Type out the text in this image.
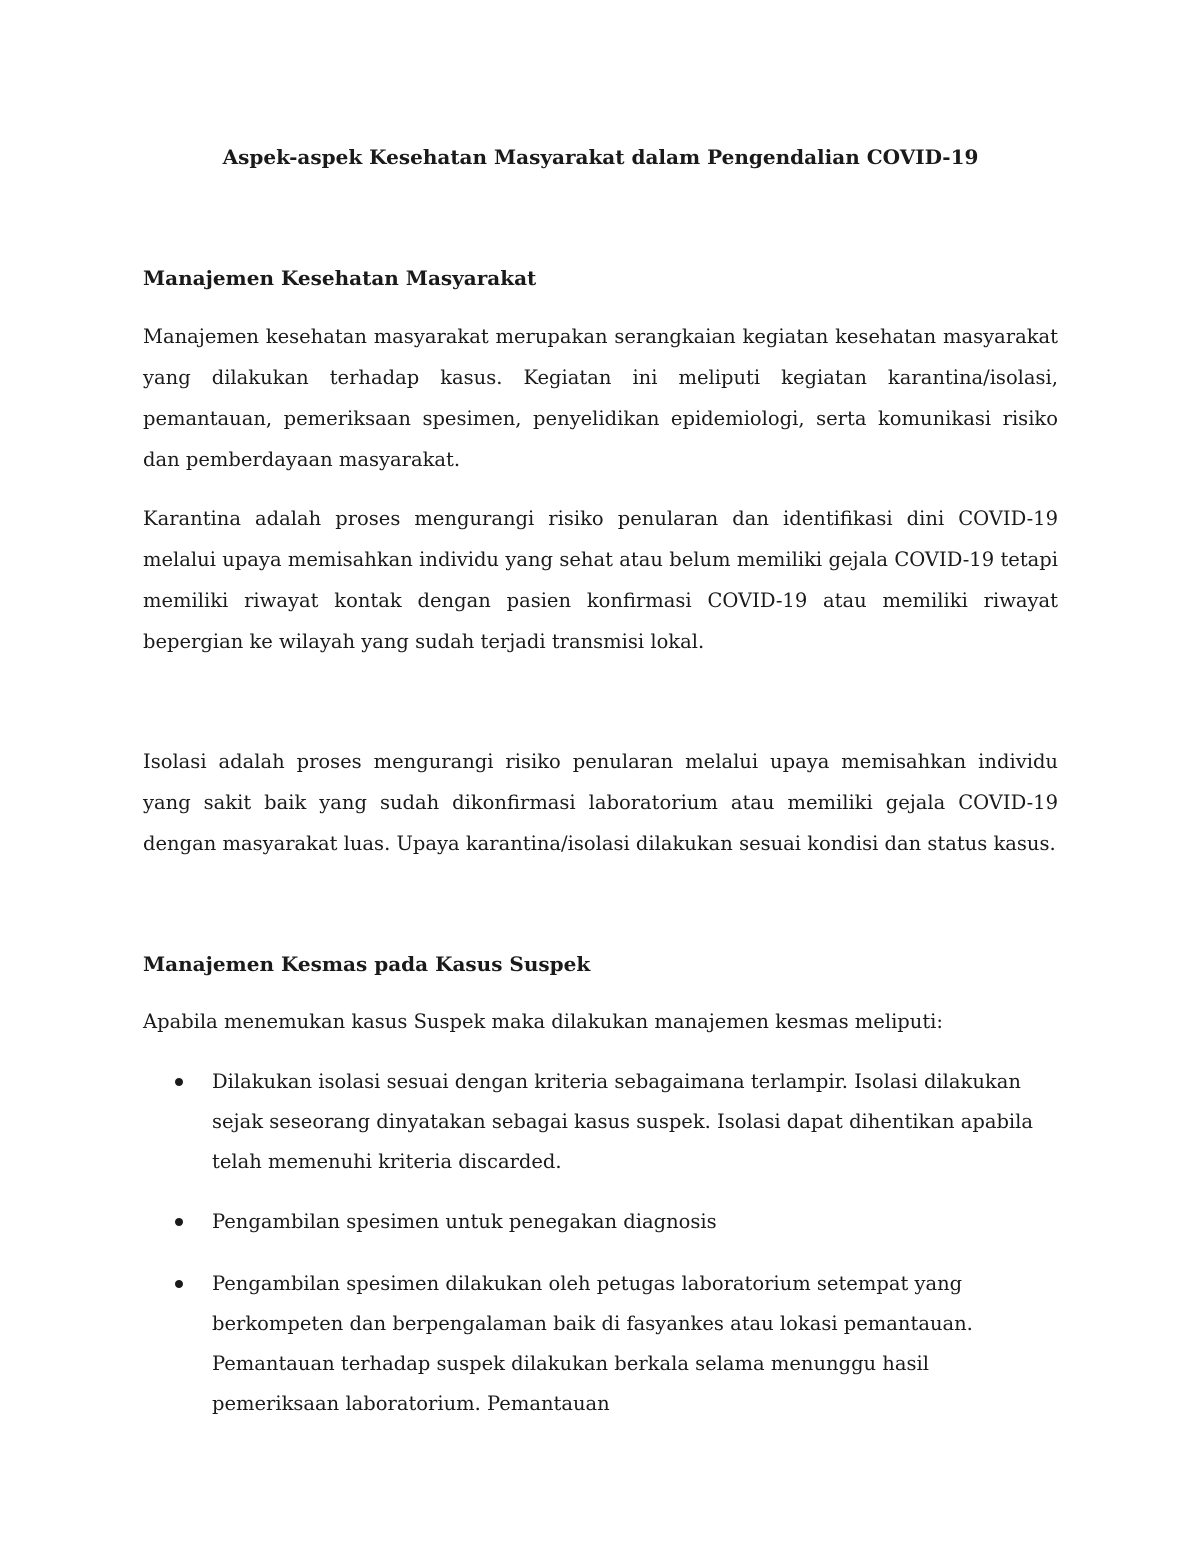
Aspek-aspek Kesehatan Masyarakat dalam Pengendalian COVID-19
Manajemen Kesehatan Masyarakat

Manajemen kesehatan masyarakat merupakan serangkaian kegiatan kesehatan masyarakat yang dilakukan terhadap kasus. Kegiatan ini meliputi kegiatan karantina/isolasi, pemantauan, pemeriksaan spesimen, penyelidikan epidemiologi, serta komunikasi risiko dan pemberdayaan masyarakat.

Karantina adalah proses mengurangi risiko penularan dan identifikasi dini COVID-19 melalui upaya memisahkan individu yang sehat atau belum memiliki gejala COVID-19 tetapi memiliki riwayat kontak dengan pasien konfirmasi COVID-19 atau memiliki riwayat bepergian ke wilayah yang sudah terjadi transmisi lokal.

Isolasi adalah proses mengurangi risiko penularan melalui upaya memisahkan individu yang sakit baik yang sudah dikonfirmasi laboratorium atau memiliki gejala COVID-19 dengan masyarakat luas. Upaya karantina/isolasi dilakukan sesuai kondisi dan status kasus.

Manajemen Kesmas pada Kasus Suspek

Apabila menemukan kasus Suspek maka dilakukan manajemen kesmas meliputi:

Dilakukan isolasi sesuai dengan kriteria sebagaimana terlampir. Isolasi dilakukan sejak seseorang dinyatakan sebagai kasus suspek. Isolasi dapat dihentikan apabila telah memenuhi kriteria discarded.
Pengambilan spesimen untuk penegakan diagnosis
Pengambilan spesimen dilakukan oleh petugas laboratorium setempat yang berkompeten dan berpengalaman baik di fasyankes atau lokasi pemantauan. Pemantauan terhadap suspek dilakukan berkala selama menunggu hasil pemeriksaan laboratorium. Pemantauan
